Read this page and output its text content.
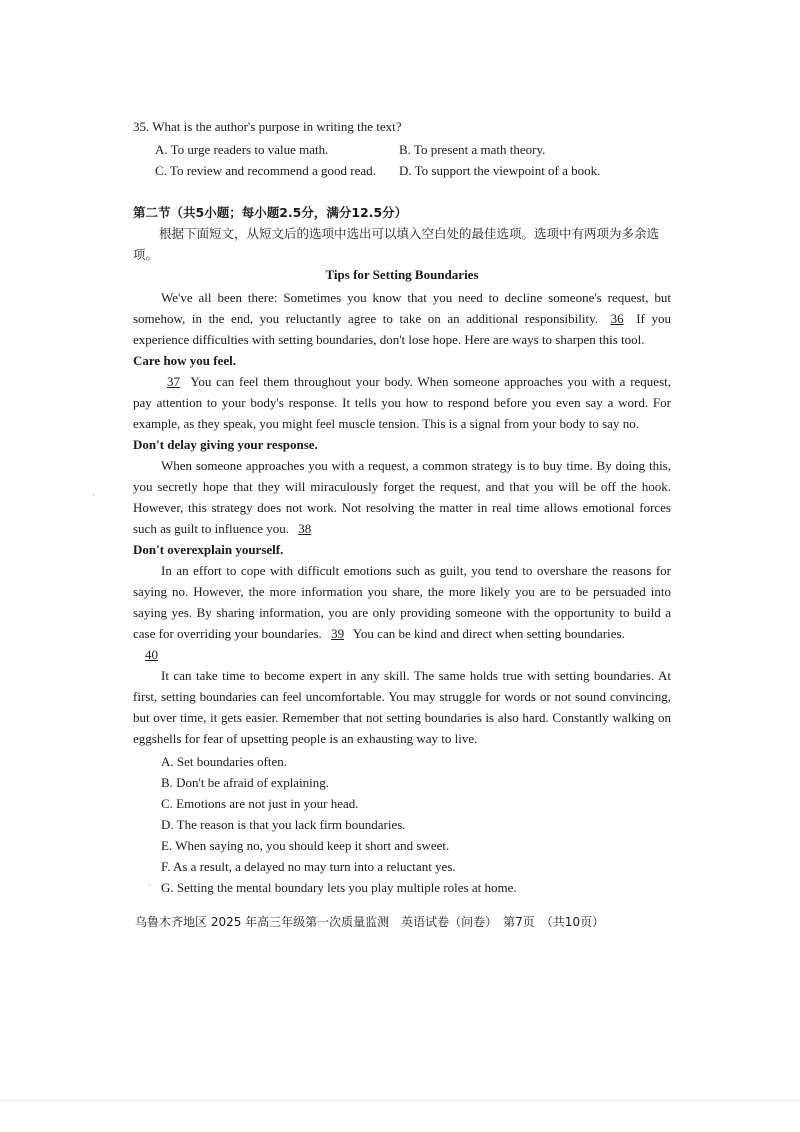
35. What is the author's purpose in writing the text?

A. To urge readers to value math.	B. To present a math theory.
C. To review and recommend a good read.	D. To support the viewpoint of a book.
第二节（共5小题；每小题2.5分，满分12.5分）

根据下面短文，从短文后的选项中选出可以填入空白处的最佳选项。选项中有两项为多余选项。

Tips for Setting Boundaries

We've all been there: Sometimes you know that you need to decline someone's request, but somehow, in the end, you reluctantly agree to take on an additional responsibility. 36 If you experience difficulties with setting boundaries, don't lose hope. Here are ways to sharpen this tool.

Care how you feel.

37 You can feel them throughout your body. When someone approaches you with a request, pay attention to your body's response. It tells you how to respond before you even say a word. For example, as they speak, you might feel muscle tension. This is a signal from your body to say no.

Don't delay giving your response.

When someone approaches you with a request, a common strategy is to buy time. By doing this, you secretly hope that they will miraculously forget the request, and that you will be off the hook. However, this strategy does not work. Not resolving the matter in real time allows emotional forces such as guilt to influence you. 38

Don't overexplain yourself.

In an effort to cope with difficult emotions such as guilt, you tend to overshare the reasons for saying no. However, the more information you share, the more likely you are to be persuaded into saying yes. By sharing information, you are only providing someone with the opportunity to build a case for overriding your boundaries. 39 You can be kind and direct when setting boundaries.

40

It can take time to become expert in any skill. The same holds true with setting boundaries. At first, setting boundaries can feel uncomfortable. You may struggle for words or not sound convincing, but over time, it gets easier. Remember that not setting boundaries is also hard. Constantly walking on eggshells for fear of upsetting people is an exhausting way to live.

A. Set boundaries often.
B. Don't be afraid of explaining.
C. Emotions are not just in your head.
D. The reason is that you lack firm boundaries.
E. When saying no, you should keep it short and sweet.
F. As a result, a delayed no may turn into a reluctant yes.
G. Setting the mental boundary lets you play multiple roles at home.
乌鲁木齐地区 2025 年高三年级第一次质量监测　英语试卷（问卷）　第7页　（共10页）
·
·
